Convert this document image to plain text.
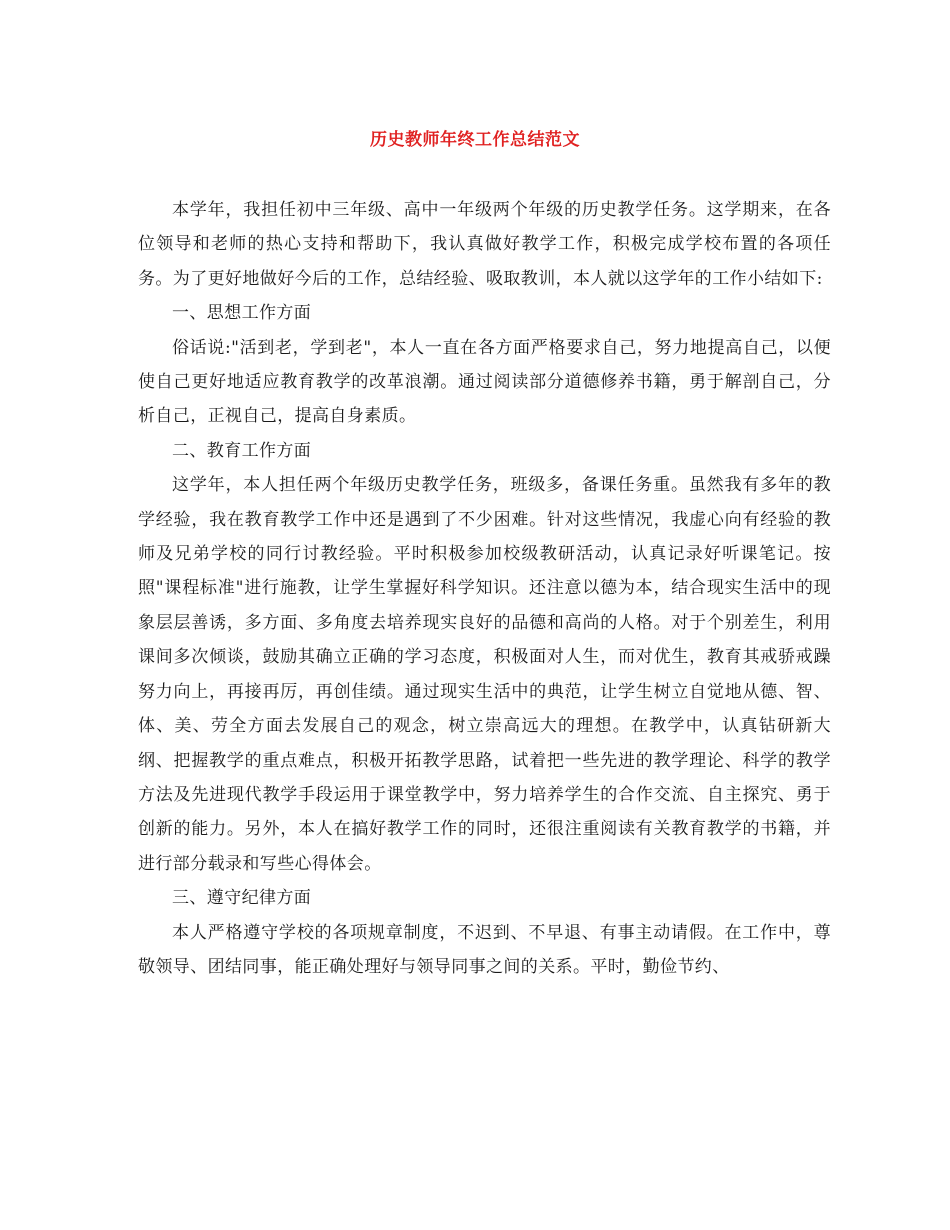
历史教师年终工作总结范文

本学年，我担任初中三年级、高中一年级两个年级的历史教学任务。这学期来，在各位领导和老师的热心支持和帮助下，我认真做好教学工作，积极完成学校布置的各项任务。为了更好地做好今后的工作，总结经验、吸取教训，本人就以这学年的工作小结如下:

一、思想工作方面

俗话说:"活到老，学到老"，本人一直在各方面严格要求自己，努力地提高自己，以便使自己更好地适应教育教学的改革浪潮。通过阅读部分道德修养书籍，勇于解剖自己，分析自己，正视自己，提高自身素质。

二、教育工作方面

这学年，本人担任两个年级历史教学任务，班级多，备课任务重。虽然我有多年的教学经验，我在教育教学工作中还是遇到了不少困难。针对这些情况，我虚心向有经验的教师及兄弟学校的同行讨教经验。平时积极参加校级教研活动，认真记录好听课笔记。按照"课程标准"进行施教，让学生掌握好科学知识。还注意以德为本，结合现实生活中的现象层层善诱，多方面、多角度去培养现实良好的品德和高尚的人格。对于个别差生，利用课间多次倾谈，鼓励其确立正确的学习态度，积极面对人生，而对优生，教育其戒骄戒躁努力向上，再接再厉，再创佳绩。通过现实生活中的典范，让学生树立自觉地从德、智、体、美、劳全方面去发展自己的观念，树立崇高远大的理想。在教学中，认真钻研新大纲、把握教学的重点难点，积极开拓教学思路，试着把一些先进的教学理论、科学的教学方法及先进现代教学手段运用于课堂教学中，努力培养学生的合作交流、自主探究、勇于创新的能力。另外，本人在搞好教学工作的同时，还很注重阅读有关教育教学的书籍，并进行部分载录和写些心得体会。

三、遵守纪律方面

本人严格遵守学校的各项规章制度，不迟到、不早退、有事主动请假。在工作中，尊敬领导、团结同事，能正确处理好与领导同事之间的关系。平时，勤俭节约、
